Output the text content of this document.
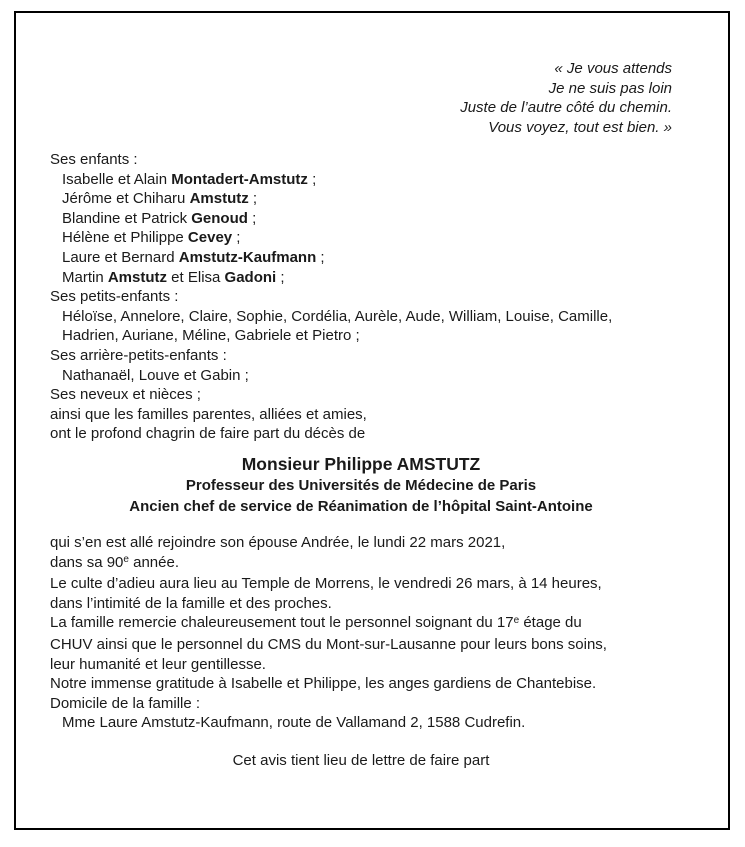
« Je vous attends
Je ne suis pas loin
Juste de l’autre côté du chemin.
Vous voyez, tout est bien. »
Ses enfants :
Isabelle et Alain Montadert-Amstutz ;
Jérôme et Chiharu Amstutz ;
Blandine et Patrick Genoud ;
Hélène et Philippe Cevey ;
Laure et Bernard Amstutz-Kaufmann ;
Martin Amstutz et Elisa Gadoni ;
Ses petits-enfants :
Héloïse, Annelore, Claire, Sophie, Cordélia, Aurèle, Aude, William, Louise, Camille,
Hadrien, Auriane, Méline, Gabriele et Pietro ;
Ses arrière-petits-enfants :
Nathanaël, Louve et Gabin ;
Ses neveux et nièces ;
ainsi que les familles parentes, alliées et amies,
ont le profond chagrin de faire part du décès de
Monsieur Philippe AMSTUTZ
Professeur des Universités de Médecine de Paris
Ancien chef de service de Réanimation de l’hôpital Saint-Antoine
qui s’en est allé rejoindre son épouse Andrée, le lundi 22 mars 2021,
dans sa 90e année.
Le culte d’adieu aura lieu au Temple de Morrens, le vendredi 26 mars, à 14 heures,
dans l’intimité de la famille et des proches.
La famille remercie chaleureusement tout le personnel soignant du 17e étage du
CHUV ainsi que le personnel du CMS du Mont-sur-Lausanne pour leurs bons soins,
leur humanité et leur gentillesse.
Notre immense gratitude à Isabelle et Philippe, les anges gardiens de Chantebise.
Domicile de la famille :
Mme Laure Amstutz-Kaufmann, route de Vallamand 2, 1588 Cudrefin.
Cet avis tient lieu de lettre de faire part
